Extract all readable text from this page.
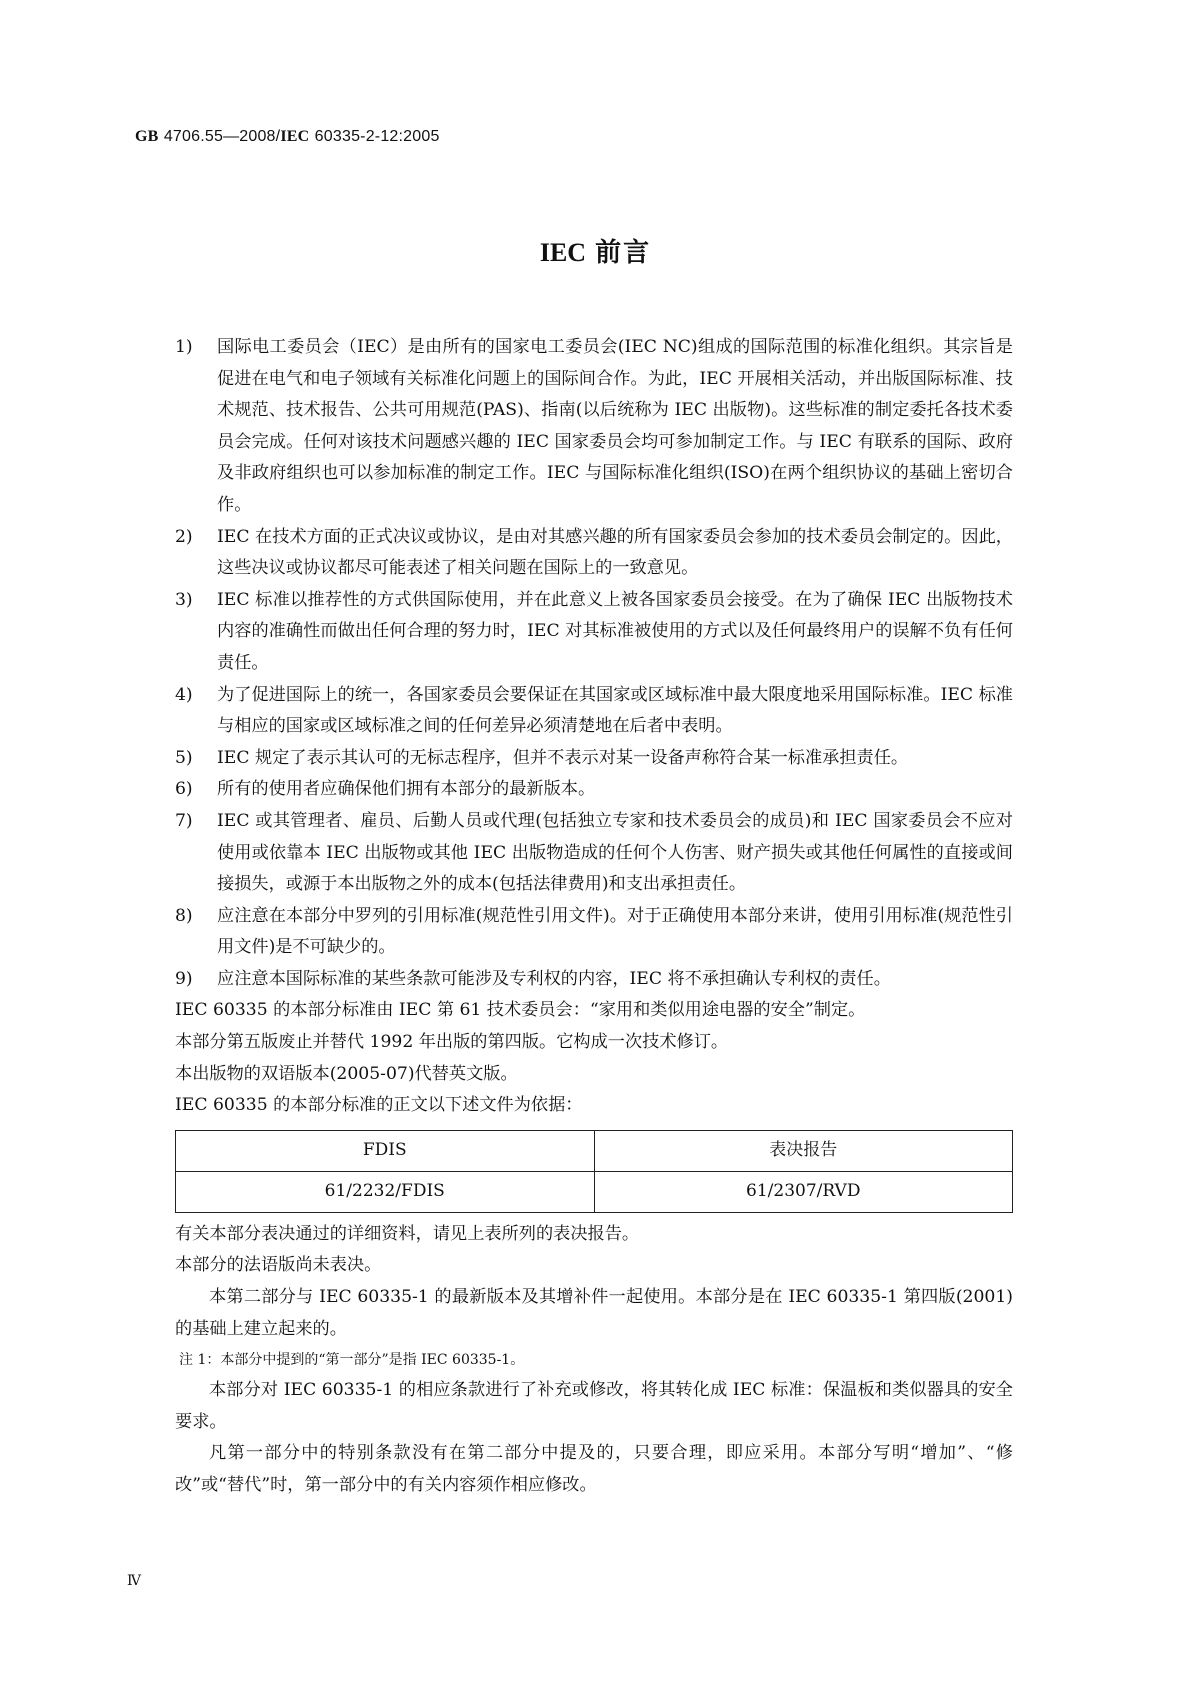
GB 4706.55—2008/IEC 60335-2-12:2005
IEC 前言
1)	国际电工委员会（IEC）是由所有的国家电工委员会(IEC NC)组成的国际范围的标准化组织。其宗旨是促进在电气和电子领域有关标准化问题上的国际间合作。为此，IEC 开展相关活动，并出版国际标准、技术规范、技术报告、公共可用规范(PAS)、指南(以后统称为 IEC 出版物)。这些标准的制定委托各技术委员会完成。任何对该技术问题感兴趣的 IEC 国家委员会均可参加制定工作。与 IEC 有联系的国际、政府及非政府组织也可以参加标准的制定工作。IEC 与国际标准化组织(ISO)在两个组织协议的基础上密切合作。
2)	IEC 在技术方面的正式决议或协议，是由对其感兴趣的所有国家委员会参加的技术委员会制定的。因此，这些决议或协议都尽可能表述了相关问题在国际上的一致意见。
3)	IEC 标准以推荐性的方式供国际使用，并在此意义上被各国家委员会接受。在为了确保 IEC 出版物技术内容的准确性而做出任何合理的努力时，IEC 对其标准被使用的方式以及任何最终用户的误解不负有任何责任。
4)	为了促进国际上的统一，各国家委员会要保证在其国家或区域标准中最大限度地采用国际标准。IEC 标准与相应的国家或区域标准之间的任何差异必须清楚地在后者中表明。
5)	IEC 规定了表示其认可的无标志程序，但并不表示对某一设备声称符合某一标准承担责任。
6)	所有的使用者应确保他们拥有本部分的最新版本。
7)	IEC 或其管理者、雇员、后勤人员或代理(包括独立专家和技术委员会的成员)和 IEC 国家委员会不应对使用或依靠本 IEC 出版物或其他 IEC 出版物造成的任何个人伤害、财产损失或其他任何属性的直接或间接损失，或源于本出版物之外的成本(包括法律费用)和支出承担责任。
8)	应注意在本部分中罗列的引用标准(规范性引用文件)。对于正确使用本部分来讲，使用引用标准(规范性引用文件)是不可缺少的。
9)	应注意本国际标准的某些条款可能涉及专利权的内容，IEC 将不承担确认专利权的责任。

IEC 60335 的本部分标准由 IEC 第 61 技术委员会：“家用和类似用途电器的安全”制定。

本部分第五版废止并替代 1992 年出版的第四版。它构成一次技术修订。

本出版物的双语版本(2005-07)代替英文版。

IEC 60335 的本部分标准的正文以下述文件为依据：

FDIS	表决报告
61/2232/FDIS	61/2307/RVD

有关本部分表决通过的详细资料，请见上表所列的表决报告。

本部分的法语版尚未表决。

本第二部分与 IEC 60335-1 的最新版本及其增补件一起使用。本部分是在 IEC 60335-1 第四版(2001)的基础上建立起来的。

注 1：本部分中提到的“第一部分”是指 IEC 60335-1。

本部分对 IEC 60335-1 的相应条款进行了补充或修改，将其转化成 IEC 标准：保温板和类似器具的安全要求。

凡第一部分中的特别条款没有在第二部分中提及的，只要合理，即应采用。本部分写明“增加”、“修改”或“替代”时，第一部分中的有关内容须作相应修改。

Ⅳ
